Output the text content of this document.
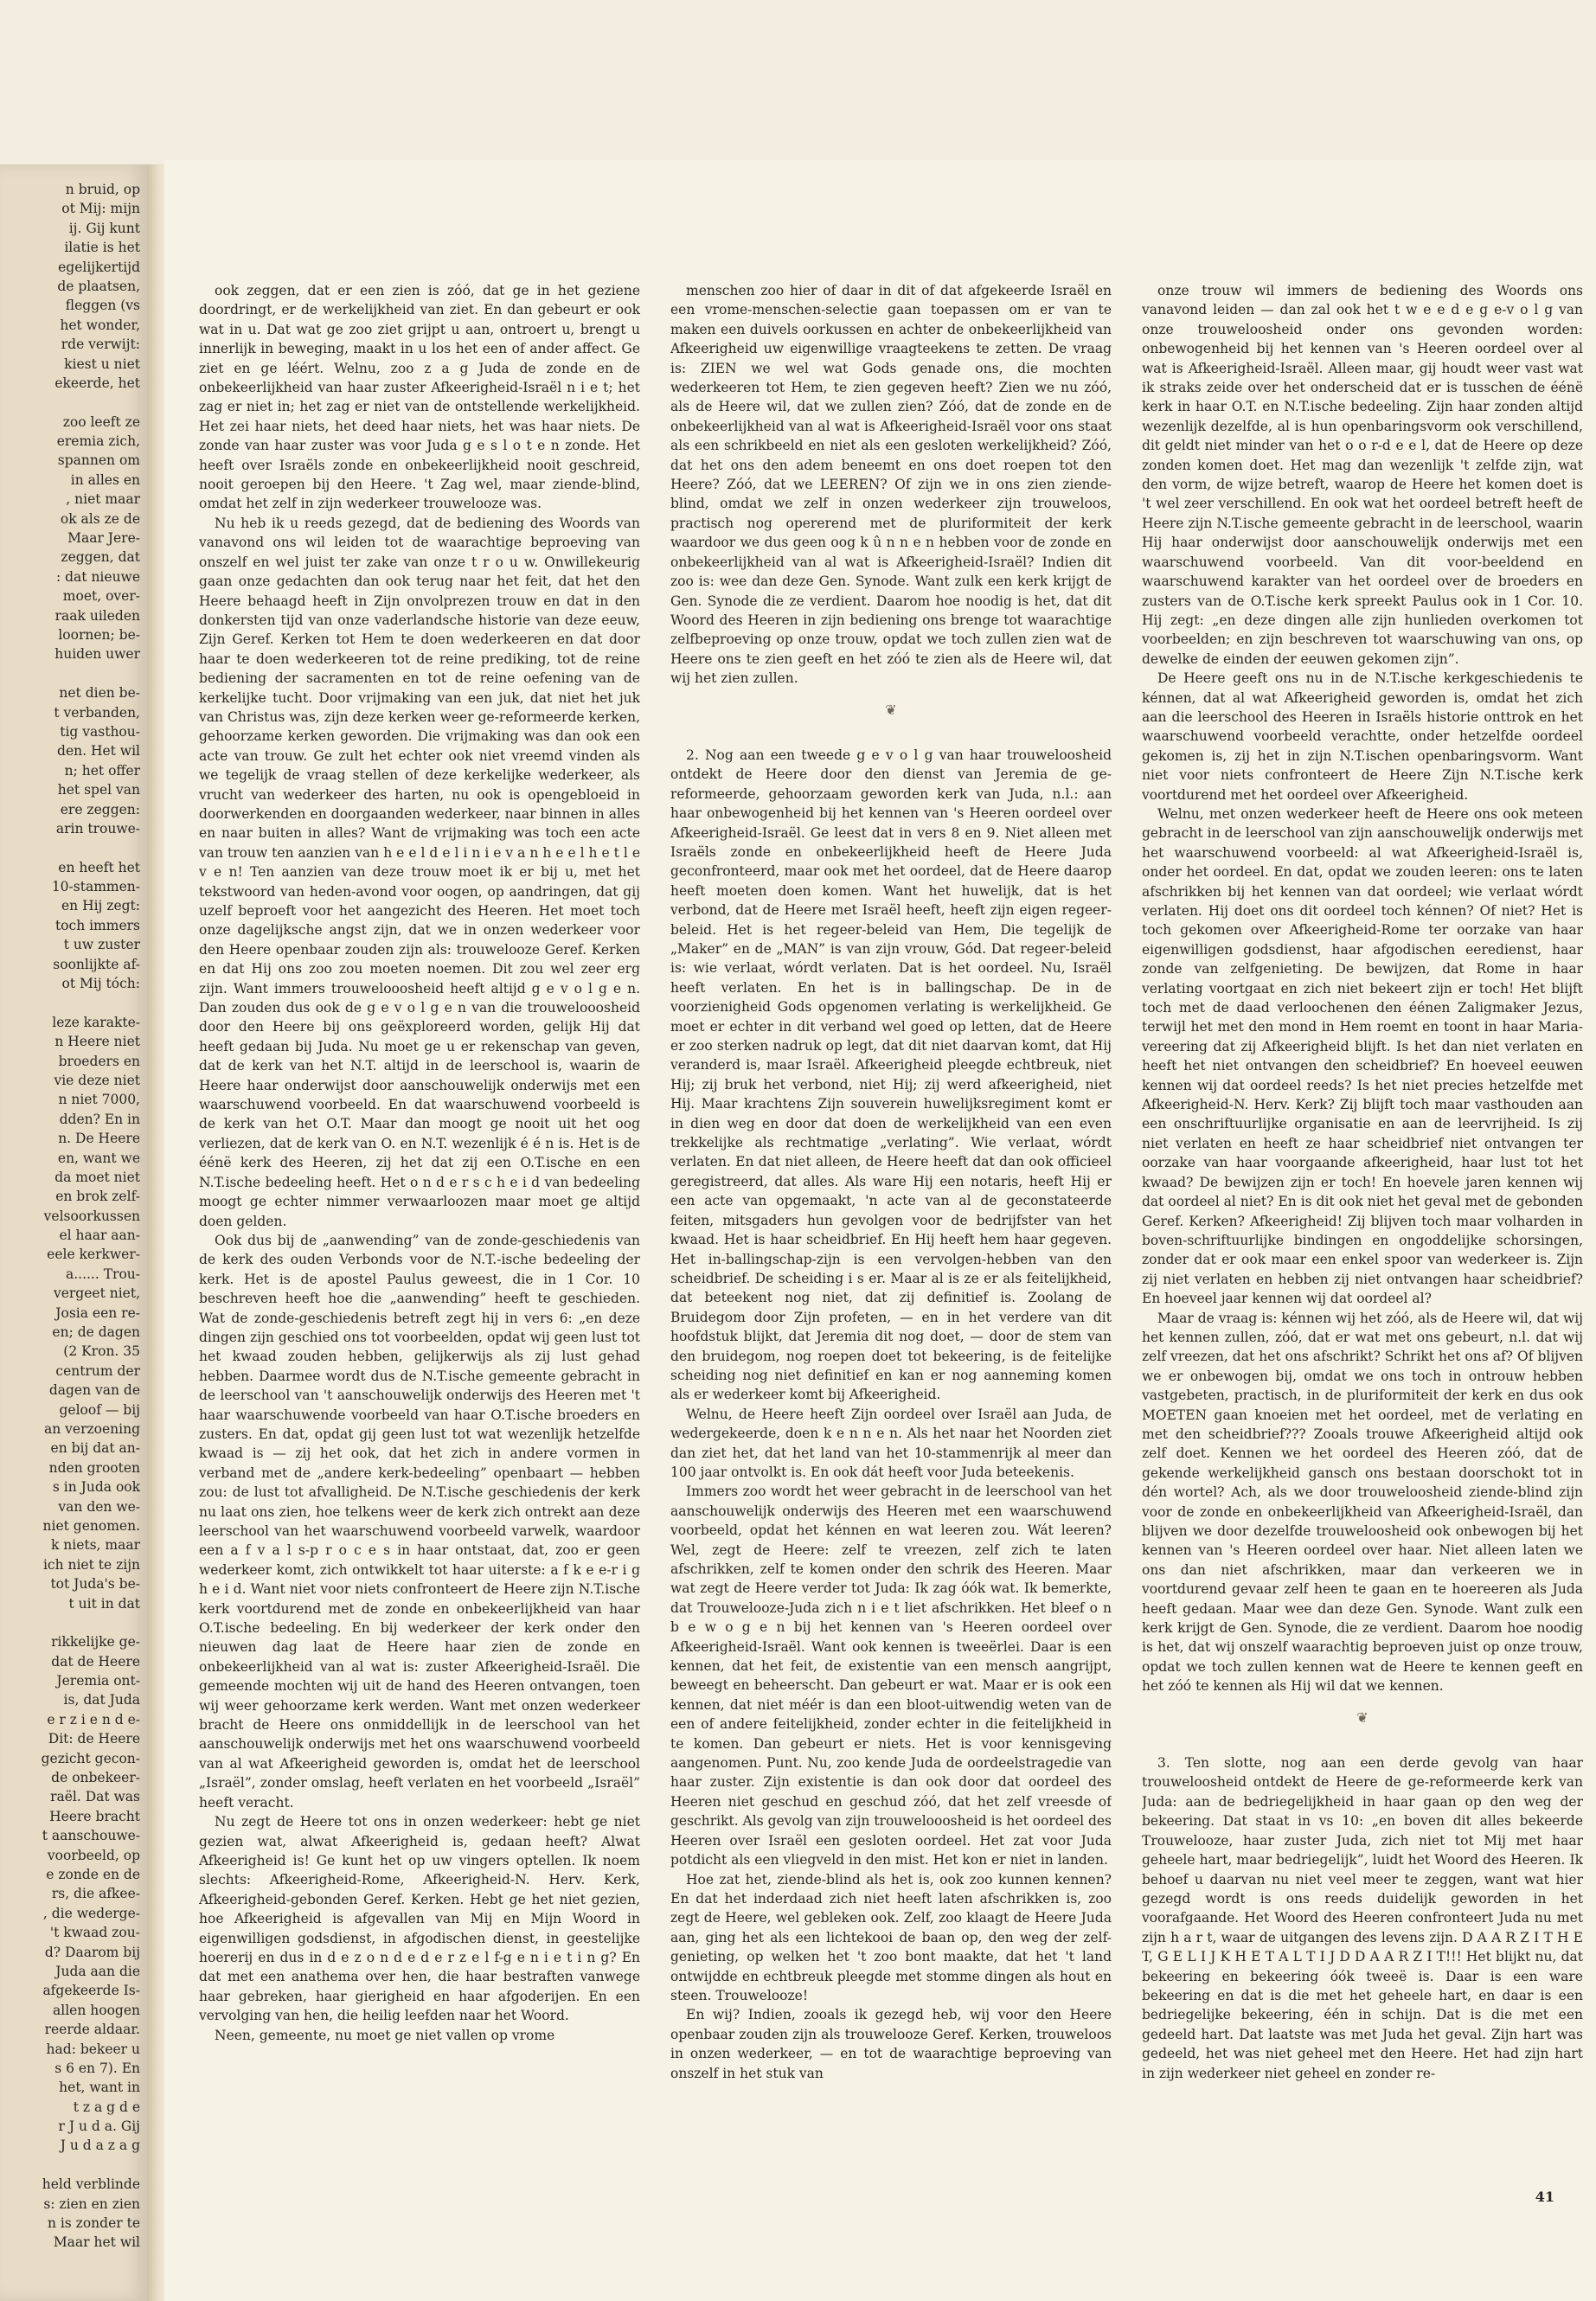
n bruid, op
ot Mij: mijn
ij. Gij kunt
ilatie is het
egelijkertijd
de plaatsen,
fleggen (vs
het wonder,
rde verwijt:
kiest u niet
ekeerde, het

zoo leeft ze
eremia zich,
spannen om
in alles en
, niet maar
ok als ze de
Maar Jere-
zeggen, dat
: dat nieuwe
moet, over-
raak uileden
loornen; be-
huiden uwer

net dien be-
t verbanden,
tig vasthou-
den. Het wil
n; het offer
het spel van
ere zeggen:
arin trouwe-

en heeft het
10-stammen-
en Hij zegt:
toch immers
t uw zuster
soonlijkte af-
ot Mij tóch:

leze karakte-
n Heere niet
broeders en
vie deze niet
n niet 7000,
dden? En in
n. De Heere
en, want we
da moet niet
en brok zelf-
velsoorkussen
el haar aan-
eele kerkwer-
a...... Trou-
vergeet niet,
Josia een re-
en; de dagen
(2 Kron. 35
centrum der
dagen van de
geloof — bij
an verzoening
en bij dat an-
nden grooten
s in Juda ook
van den we-
niet genomen.
k niets, maar
ich niet te zijn
tot Juda's be-
t uit in dat

rikkelijke ge-
dat de Heere
Jeremia ont-
is, dat Juda
e r z i e n d e-
Dit: de Heere
gezicht gecon-
de onbekeer-
raël. Dat was
Heere bracht
t aanschouwe-
voorbeeld, op
e zonde en de
rs, die afkee-
, die wederge-
't kwaad zou-
d? Daarom bij
Juda aan die
afgekeerde Is-
allen hoogen
reerde aldaar.
had: bekeer u
s 6 en 7). En
het, want in
t z a g d e
r J u d a. Gij
J u d a z a g

held verblinde
s: zien en zien
n is zonder te
Maar het wil

ook zeggen, dat er een zien is zóó, dat ge in het geziene doordringt, er de werkelijkheid van ziet. En dan gebeurt er ook wat in u. Dat wat ge zoo ziet grijpt u aan, ontroert u, brengt u innerlijk in beweging, maakt in u los het een of ander affect. Ge ziet en ge léért. Welnu, zoo z a g Juda de zonde en de onbekeerlijkheid van haar zuster Afkeerigheid-Israël n i e t; het zag er niet in; het zag er niet van de ontstellende werkelijkheid. Het zei haar niets, het deed haar niets, het was haar niets. De zonde van haar zuster was voor Juda g e s l o t e n zonde. Het heeft over Israëls zonde en onbekeerlijkheid nooit geschreid, nooit geroepen bij den Heere. 't Zag wel, maar ziende-blind, omdat het zelf in zijn wederkeer trouwelooze was.

Nu heb ik u reeds gezegd, dat de bediening des Woords van vanavond ons wil leiden tot de waarachtige beproeving van onszelf en wel juist ter zake van onze t r o u w. Onwillekeurig gaan onze gedachten dan ook terug naar het feit, dat het den Heere behaagd heeft in Zijn onvolprezen trouw en dat in den donkersten tijd van onze vaderlandsche historie van deze eeuw, Zijn Geref. Kerken tot Hem te doen wederkeeren en dat door haar te doen wederkeeren tot de reine prediking, tot de reine bediening der sacramenten en tot de reine oefening van de kerkelijke tucht. Door vrijmaking van een juk, dat niet het juk van Christus was, zijn deze kerken weer ge-reformeerde kerken, gehoorzame kerken geworden. Die vrijmaking was dan ook een acte van trouw. Ge zult het echter ook niet vreemd vinden als we tegelijk de vraag stellen of deze kerkelijke wederkeer, als vrucht van wederkeer des harten, nu ook is opengebloeid in doorwerkenden en doorgaanden wederkeer, naar binnen in alles en naar buiten in alles? Want de vrijmaking was toch een acte van trouw ten aanzien van h e e l d e l i n i e v a n h e e l h e t l e v e n! Ten aanzien van deze trouw moet ik er bij u, met het tekstwoord van heden-avond voor oogen, op aandringen, dat gij uzelf beproeft voor het aangezicht des Heeren. Het moet toch onze dagelijksche angst zijn, dat we in onzen wederkeer voor den Heere openbaar zouden zijn als: trouwelooze Geref. Kerken en dat Hij ons zoo zou moeten noemen. Dit zou wel zeer erg zijn. Want immers trouwelooosheid heeft altijd g e v o l g e n. Dan zouden dus ook de g e v o l g e n van die trouwelooosheid door den Heere bij ons geëxploreerd worden, gelijk Hij dat heeft gedaan bij Juda. Nu moet ge u er rekenschap van geven, dat de kerk van het N.T. altijd in de leerschool is, waarin de Heere haar onderwijst door aanschouwelijk onderwijs met een waarschuwend voorbeeld. En dat waarschuwend voorbeeld is de kerk van het O.T. Maar dan moogt ge nooit uit het oog verliezen, dat de kerk van O. en N.T. wezenlijk é é n is. Het is de éénë kerk des Heeren, zij het dat zij een O.T.ische en een N.T.ische bedeeling heeft. Het o n d e r s c h e i d van bedeeling moogt ge echter nimmer verwaarloozen maar moet ge altijd doen gelden.

Ook dus bij de „aanwending” van de zonde-geschiedenis van de kerk des ouden Verbonds voor de N.T.-ische bedeeling der kerk. Het is de apostel Paulus geweest, die in 1 Cor. 10 beschreven heeft hoe die „aanwending” heeft te geschieden. Wat de zonde-geschiedenis betreft zegt hij in vers 6: „en deze dingen zijn geschied ons tot voorbeelden, opdat wij geen lust tot het kwaad zouden hebben, gelijkerwijs als zij lust gehad hebben. Daarmee wordt dus de N.T.ische gemeente gebracht in de leerschool van 't aanschouwelijk onderwijs des Heeren met 't haar waarschuwende voorbeeld van haar O.T.ische broeders en zusters. En dat, opdat gij geen lust tot wat wezenlijk hetzelfde kwaad is — zij het ook, dat het zich in andere vormen in verband met de „andere kerk-bedeeling” openbaart — hebben zou: de lust tot afvalligheid. De N.T.ische geschiedenis der kerk nu laat ons zien, hoe telkens weer de kerk zich ontrekt aan deze leerschool van het waarschuwend voorbeeld varwelk, waardoor een a f v a l s-p r o c e s in haar ontstaat, dat, zoo er geen wederkeer komt, zich ontwikkelt tot haar uiterste: a f k e e-r i g h e i d. Want niet voor niets confronteert de Heere zijn N.T.ische kerk voortdurend met de zonde en onbekeerlijkheid van haar O.T.ische bedeeling. En bij wederkeer der kerk onder den nieuwen dag laat de Heere haar zien de zonde en onbekeerlijkheid van al wat is: zuster Afkeerigheid-Israël. Die gemeende mochten wij uit de hand des Heeren ontvangen, toen wij weer gehoorzame kerk werden. Want met onzen wederkeer bracht de Heere ons onmiddellijk in de leerschool van het aanschouwelijk onderwijs met het ons waarschuwend voorbeeld van al wat Afkeerigheid geworden is, omdat het de leerschool „Israël”, zonder omslag, heeft verlaten en het voorbeeld „Israël” heeft veracht.

Nu zegt de Heere tot ons in onzen wederkeer: hebt ge niet gezien wat, alwat Afkeerigheid is, gedaan heeft? Alwat Afkeerigheid is! Ge kunt het op uw vingers optellen. Ik noem slechts: Afkeerigheid-Rome, Afkeerigheid-N. Herv. Kerk, Afkeerigheid-gebonden Geref. Kerken. Hebt ge het niet gezien, hoe Afkeerigheid is afgevallen van Mij en Mijn Woord in eigenwilligen godsdienst, in afgodischen dienst, in geestelijke hoererij en dus in d e z o n d e d e r z e l f-g e n i e t i n g? En dat met een anathema over hen, die haar bestraften vanwege haar gebreken, haar gierigheid en haar afgoderijen. En een vervolging van hen, die heilig leefden naar het Woord.

Neen, gemeente, nu moet ge niet vallen op vrome

menschen zoo hier of daar in dit of dat afgekeerde Israël en een vrome-menschen-selectie gaan toepassen om er van te maken een duivels oorkussen en achter de onbekeerlijkheid van Afkeerigheid uw eigenwillige vraagteekens te zetten. De vraag is: ZIEN we wel wat Gods genade ons, die mochten wederkeeren tot Hem, te zien gegeven heeft? Zien we nu zóó, als de Heere wil, dat we zullen zien? Zóó, dat de zonde en de onbekeerlijkheid van al wat is Afkeerigheid-Israël voor ons staat als een schrikbeeld en niet als een gesloten werkelijkheid? Zóó, dat het ons den adem beneemt en ons doet roepen tot den Heere? Zóó, dat we LEEREN? Of zijn we in ons zien ziende-blind, omdat we zelf in onzen wederkeer zijn trouweloos, practisch nog opererend met de pluriformiteit der kerk waardoor we dus geen oog k û n n e n hebben voor de zonde en onbekeerlijkheid van al wat is Afkeerigheid-Israël? Indien dit zoo is: wee dan deze Gen. Synode. Want zulk een kerk krijgt de Gen. Synode die ze verdient. Daarom hoe noodig is het, dat dit Woord des Heeren in zijn bediening ons brenge tot waarachtige zelfbeproeving op onze trouw, opdat we toch zullen zien wat de Heere ons te zien geeft en het zóó te zien als de Heere wil, dat wij het zien zullen.

❦

2. Nog aan een tweede g e v o l g van haar trouweloosheid ontdekt de Heere door den dienst van Jeremia de ge-reformeerde, gehoorzaam geworden kerk van Juda, n.l.: aan haar onbewogenheid bij het kennen van 's Heeren oordeel over Afkeerigheid-Israël. Ge leest dat in vers 8 en 9. Niet alleen met Israëls zonde en onbekeerlijkheid heeft de Heere Juda geconfronteerd, maar ook met het oordeel, dat de Heere daarop heeft moeten doen komen. Want het huwelijk, dat is het verbond, dat de Heere met Israël heeft, heeft zijn eigen regeer-beleid. Het is het regeer-beleid van Hem, Die tegelijk de „Maker” en de „MAN” is van zijn vrouw, Gód. Dat regeer-beleid is: wie verlaat, wórdt verlaten. Dat is het oordeel. Nu, Israël heeft verlaten. En het is in ballingschap. De in de voorzienigheid Gods opgenomen verlating is werkelijkheid. Ge moet er echter in dit verband wel goed op letten, dat de Heere er zoo sterken nadruk op legt, dat dit niet daarvan komt, dat Hij veranderd is, maar Israël. Afkeerigheid pleegde echtbreuk, niet Hij; zij bruk het verbond, niet Hij; zij werd afkeerigheid, niet Hij. Maar krachtens Zijn souverein huwelijksregiment komt er in dien weg en door dat doen de werkelijkheid van een even trekkelijke als rechtmatige „verlating”. Wie verlaat, wórdt verlaten. En dat niet alleen, de Heere heeft dat dan ook officieel geregistreerd, dat alles. Als ware Hij een notaris, heeft Hij er een acte van opgemaakt, 'n acte van al de geconstateerde feiten, mitsgaders hun gevolgen voor de bedrijfster van het kwaad. Het is haar scheidbrief. En Hij heeft hem haar gegeven. Het in-ballingschap-zijn is een vervolgen-hebben van den scheidbrief. De scheiding i s er. Maar al is ze er als feitelijkheid, dat beteekent nog niet, dat zij definitief is. Zoolang de Bruidegom door Zijn profeten, — en in het verdere van dit hoofdstuk blijkt, dat Jeremia dit nog doet, — door de stem van den bruidegom, nog roepen doet tot bekeering, is de feitelijke scheiding nog niet definitief en kan er nog aanneming komen als er wederkeer komt bij Afkeerigheid.

Welnu, de Heere heeft Zijn oordeel over Israël aan Juda, de wedergekeerde, doen k e n n e n. Als het naar het Noorden ziet dan ziet het, dat het land van het 10-stammenrijk al meer dan 100 jaar ontvolkt is. En ook dát heeft voor Juda beteekenis.

Immers zoo wordt het weer gebracht in de leerschool van het aanschouwelijk onderwijs des Heeren met een waarschuwend voorbeeld, opdat het kénnen en wat leeren zou. Wát leeren? Wel, zegt de Heere: zelf te vreezen, zelf zich te laten afschrikken, zelf te komen onder den schrik des Heeren. Maar wat zegt de Heere verder tot Juda: Ik zag óók wat. Ik bemerkte, dat Trouwelooze-Juda zich n i e t liet afschrikken. Het bleef o n b e w o g e n bij het kennen van 's Heeren oordeel over Afkeerigheid-Israël. Want ook kennen is tweeërlei. Daar is een kennen, dat het feit, de existentie van een mensch aangrijpt, beweegt en beheerscht. Dan gebeurt er wat. Maar er is ook een kennen, dat niet méér is dan een bloot-uitwendig weten van de een of andere feitelijkheid, zonder echter in die feitelijkheid in te komen. Dan gebeurt er niets. Het is voor kennisgeving aangenomen. Punt. Nu, zoo kende Juda de oordeelstragedie van haar zuster. Zijn existentie is dan ook door dat oordeel des Heeren niet geschud en geschud zóó, dat het zelf vreesde of geschrikt. Als gevolg van zijn trouwelooosheid is het oordeel des Heeren over Israël een gesloten oordeel. Het zat voor Juda potdicht als een vliegveld in den mist. Het kon er niet in landen.

Hoe zat het, ziende-blind als het is, ook zoo kunnen kennen? En dat het inderdaad zich niet heeft laten afschrikken is, zoo zegt de Heere, wel gebleken ook. Zelf, zoo klaagt de Heere Juda aan, ging het als een lichtekooi de baan op, den weg der zelf-genieting, op welken het 't zoo bont maakte, dat het 't land ontwijdde en echtbreuk pleegde met stomme dingen als hout en steen. Trouwelooze!

En wij? Indien, zooals ik gezegd heb, wij voor den Heere openbaar zouden zijn als trouwelooze Geref. Kerken, trouweloos in onzen wederkeer, — en tot de waarachtige beproeving van onszelf in het stuk van

onze trouw wil immers de bediening des Woords ons vanavond leiden — dan zal ook het t w e e d e g e-v o l g van onze trouweloosheid onder ons gevonden worden: onbewogenheid bij het kennen van 's Heeren oordeel over al wat is Afkeerigheid-Israël. Alleen maar, gij houdt weer vast wat ik straks zeide over het onderscheid dat er is tusschen de éénë kerk in haar O.T. en N.T.ische bedeeling. Zijn haar zonden altijd wezenlijk dezelfde, al is hun openbaringsvorm ook verschillend, dit geldt niet minder van het o o r-d e e l, dat de Heere op deze zonden komen doet. Het mag dan wezenlijk 't zelfde zijn, wat den vorm, de wijze betreft, waarop de Heere het komen doet is 't wel zeer verschillend. En ook wat het oordeel betreft heeft de Heere zijn N.T.ische gemeente gebracht in de leerschool, waarin Hij haar onderwijst door aanschouwelijk onderwijs met een waarschuwend voorbeeld. Van dit voor-beeldend en waarschuwend karakter van het oordeel over de broeders en zusters van de O.T.ische kerk spreekt Paulus ook in 1 Cor. 10. Hij zegt: „en deze dingen alle zijn hunlieden overkomen tot voorbeelden; en zijn beschreven tot waarschuwing van ons, op dewelke de einden der eeuwen gekomen zijn”.

De Heere geeft ons nu in de N.T.ische kerkgeschiedenis te kénnen, dat al wat Afkeerigheid geworden is, omdat het zich aan die leerschool des Heeren in Israëls historie onttrok en het waarschuwend voorbeeld verachtte, onder hetzelfde oordeel gekomen is, zij het in zijn N.T.ischen openbaringsvorm. Want niet voor niets confronteert de Heere Zijn N.T.ische kerk voortdurend met het oordeel over Afkeerigheid.

Welnu, met onzen wederkeer heeft de Heere ons ook meteen gebracht in de leerschool van zijn aanschouwelijk onderwijs met het waarschuwend voorbeeld: al wat Afkeerigheid-Israël is, onder het oordeel. En dat, opdat we zouden leeren: ons te laten afschrikken bij het kennen van dat oordeel; wie verlaat wórdt verlaten. Hij doet ons dit oordeel toch kénnen? Of niet? Het is toch gekomen over Afkeerigheid-Rome ter oorzake van haar eigenwilligen godsdienst, haar afgodischen eeredienst, haar zonde van zelfgenieting. De bewijzen, dat Rome in haar verlating voortgaat en zich niet bekeert zijn er toch! Het blijft toch met de daad verloochenen den éénen Zaligmaker Jezus, terwijl het met den mond in Hem roemt en toont in haar Maria-vereering dat zij Afkeerigheid blijft. Is het dan niet verlaten en heeft het niet ontvangen den scheidbrief? En hoeveel eeuwen kennen wij dat oordeel reeds? Is het niet precies hetzelfde met Afkeerigheid-N. Herv. Kerk? Zij blijft toch maar vasthouden aan een onschriftuurlijke organisatie en aan de leervrijheid. Is zij niet verlaten en heeft ze haar scheidbrief niet ontvangen ter oorzake van haar voorgaande afkeerigheid, haar lust tot het kwaad? De bewijzen zijn er toch! En hoevele jaren kennen wij dat oordeel al niet? En is dit ook niet het geval met de gebonden Geref. Kerken? Afkeerigheid! Zij blijven toch maar volharden in boven-schriftuurlijke bindingen en ongoddelijke schorsingen, zonder dat er ook maar een enkel spoor van wederkeer is. Zijn zij niet verlaten en hebben zij niet ontvangen haar scheidbrief? En hoeveel jaar kennen wij dat oordeel al?

Maar de vraag is: kénnen wij het zóó, als de Heere wil, dat wij het kennen zullen, zóó, dat er wat met ons gebeurt, n.l. dat wij zelf vreezen, dat het ons afschrikt? Schrikt het ons af? Of blijven we er onbewogen bij, omdat we ons toch in ontrouw hebben vastgebeten, practisch, in de pluriformiteit der kerk en dus ook MOETEN gaan knoeien met het oordeel, met de verlating en met den scheidbrief??? Zooals trouwe Afkeerigheid altijd ook zelf doet. Kennen we het oordeel des Heeren zóó, dat de gekende werkelijkheid gansch ons bestaan doorschokt tot in dén wortel? Ach, als we door trouweloosheid ziende-blind zijn voor de zonde en onbekeerlijkheid van Afkeerigheid-Israël, dan blijven we door dezelfde trouweloosheid ook onbewogen bij het kennen van 's Heeren oordeel over haar. Niet alleen laten we ons dan niet afschrikken, maar dan verkeeren we in voortdurend gevaar zelf heen te gaan en te hoereeren als Juda heeft gedaan. Maar wee dan deze Gen. Synode. Want zulk een kerk krijgt de Gen. Synode, die ze verdient. Daarom hoe noodig is het, dat wij onszelf waarachtig beproeven juist op onze trouw, opdat we toch zullen kennen wat de Heere te kennen geeft en het zóó te kennen als Hij wil dat we kennen.

❦

3. Ten slotte, nog aan een derde gevolg van haar trouweloosheid ontdekt de Heere de ge-reformeerde kerk van Juda: aan de bedriegelijkheid in haar gaan op den weg der bekeering. Dat staat in vs 10: „en boven dit alles bekeerde Trouwelooze, haar zuster Juda, zich niet tot Mij met haar geheele hart, maar bedriegelijk”, luidt het Woord des Heeren. Ik behoef u daarvan nu niet veel meer te zeggen, want wat hier gezegd wordt is ons reeds duidelijk geworden in het voorafgaande. Het Woord des Heeren confronteert Juda nu met zijn h a r t, waar de uitgangen des levens zijn. D A A R Z I T H E T, G E L I J K H E T A L T I J D D A A R Z I T!!! Het blijkt nu, dat bekeering en bekeering óók tweeë is. Daar is een ware bekeering en dat is die met het geheele hart, en daar is een bedriegelijke bekeering, één in schijn. Dat is die met een gedeeld hart. Dat laatste was met Juda het geval. Zijn hart was gedeeld, het was niet geheel met den Heere. Het had zijn hart in zijn wederkeer niet geheel en zonder re-

41
